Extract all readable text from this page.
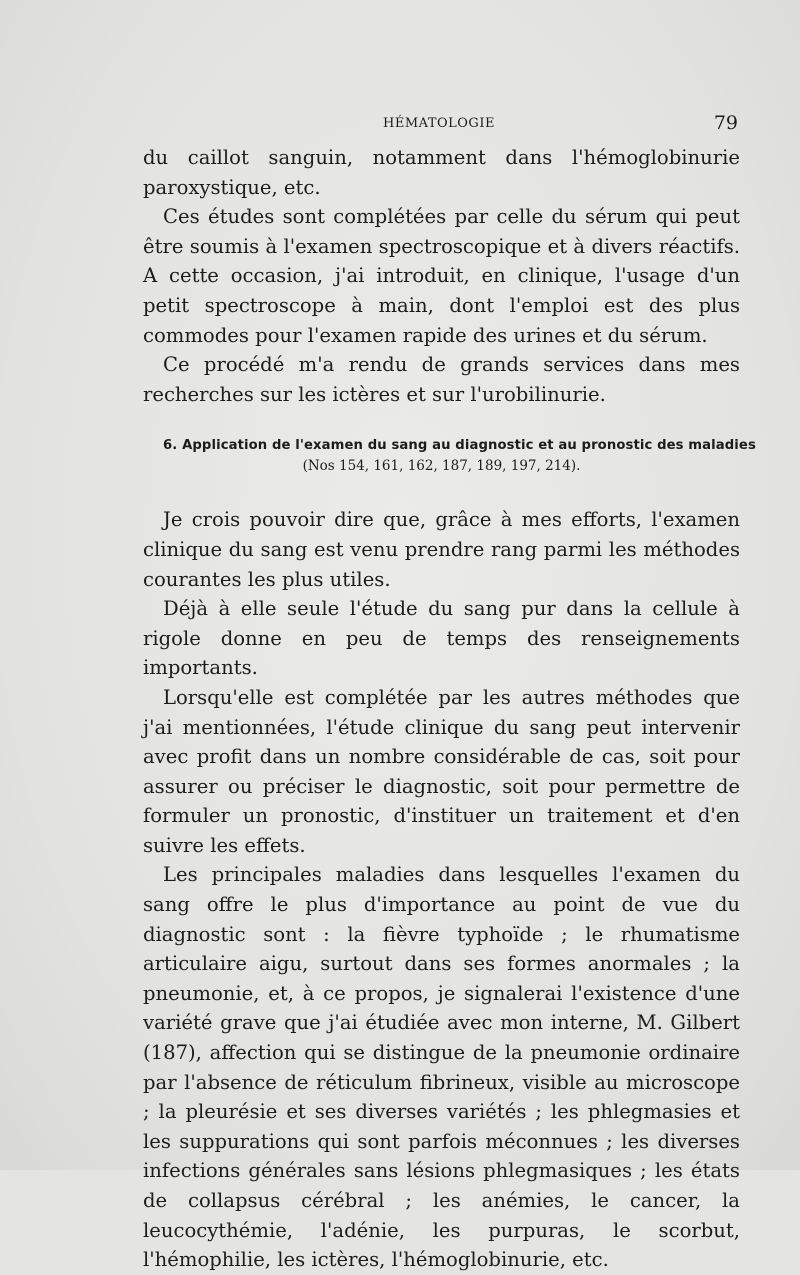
HÉMATOLOGIE	79

du caillot sanguin, notamment dans l'hémoglobinurie paroxystique, etc.

Ces études sont complétées par celle du sérum qui peut être soumis à l'examen spectroscopique et à divers réactifs. A cette occasion, j'ai introduit, en clinique, l'usage d'un petit spectroscope à main, dont l'emploi est des plus commodes pour l'examen rapide des urines et du sérum.

Ce procédé m'a rendu de grands services dans mes recherches sur les ictères et sur l'urobilinurie.

6. Application de l'examen du sang au diagnostic et au pronostic des maladies

(Nos 154, 161, 162, 187, 189, 197, 214).

Je crois pouvoir dire que, grâce à mes efforts, l'examen clinique du sang est venu prendre rang parmi les méthodes courantes les plus utiles.

Déjà à elle seule l'étude du sang pur dans la cellule à rigole donne en peu de temps des renseignements importants.

Lorsqu'elle est complétée par les autres méthodes que j'ai mentionnées, l'étude clinique du sang peut intervenir avec profit dans un nombre considérable de cas, soit pour assurer ou préciser le diagnostic, soit pour permettre de formuler un pronostic, d'instituer un traitement et d'en suivre les effets.

Les principales maladies dans lesquelles l'examen du sang offre le plus d'importance au point de vue du diagnostic sont : la fièvre typhoïde ; le rhumatisme articulaire aigu, surtout dans ses formes anormales ; la pneumonie, et, à ce propos, je signalerai l'existence d'une variété grave que j'ai étudiée avec mon interne, M. Gilbert (187), affection qui se distingue de la pneumonie ordinaire par l'absence de réticulum fibrineux, visible au microscope ; la pleurésie et ses diverses variétés ; les phlegmasies et les suppurations qui sont parfois méconnues ; les diverses infections générales sans lésions phlegmasiques ; les états de collapsus cérébral ; les anémies, le cancer, la leucocythémie, l'adénie, les purpuras, le scorbut, l'hémophilie, les ictères, l'hémoglobinurie, etc.
